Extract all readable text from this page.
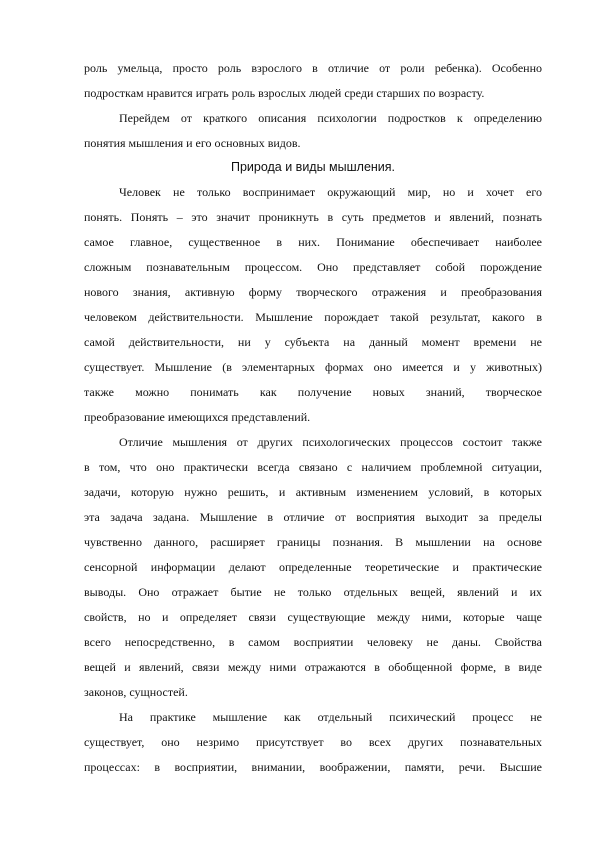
роль умельца, просто роль взрослого в отличие от роли ребенка). Особенно
подросткам нравится играть роль взрослых людей среди старших по возрасту.
Перейдем от краткого описания психологии подростков к определению
понятия мышления и его основных видов.
Природа и виды мышления.
Человек не только воспринимает окружающий мир, но и хочет его
понять. Понять – это значит проникнуть в суть предметов и явлений, познать
самое главное, существенное в них. Понимание обеспечивает наиболее
сложным познавательным процессом. Оно представляет собой порождение
нового знания, активную форму творческого отражения и преобразования
человеком действительности. Мышление порождает такой результат, какого в
самой действительности, ни у субъекта на данный момент времени не
существует. Мышление (в элементарных формах оно имеется и у животных)
также можно понимать как получение новых знаний, творческое
преобразование имеющихся представлений.
Отличие мышления от других психологических процессов состоит также
в том, что оно практически всегда связано с наличием проблемной ситуации,
задачи, которую нужно решить, и активным изменением условий, в которых
эта задача задана. Мышление в отличие от восприятия выходит за пределы
чувственно данного, расширяет границы познания. В мышлении на основе
сенсорной информации делают определенные теоретические и практические
выводы. Оно отражает бытие не только отдельных вещей, явлений и их
свойств, но и определяет связи существующие между ними, которые чаще
всего непосредственно, в самом восприятии человеку не даны. Свойства
вещей и явлений, связи между ними отражаются в обобщенной форме, в виде
законов, сущностей.
На практике мышление как отдельный психический процесс не
существует, оно незримо присутствует во всех других познавательных
процессах: в восприятии, внимании, воображении, памяти, речи. Высшие
